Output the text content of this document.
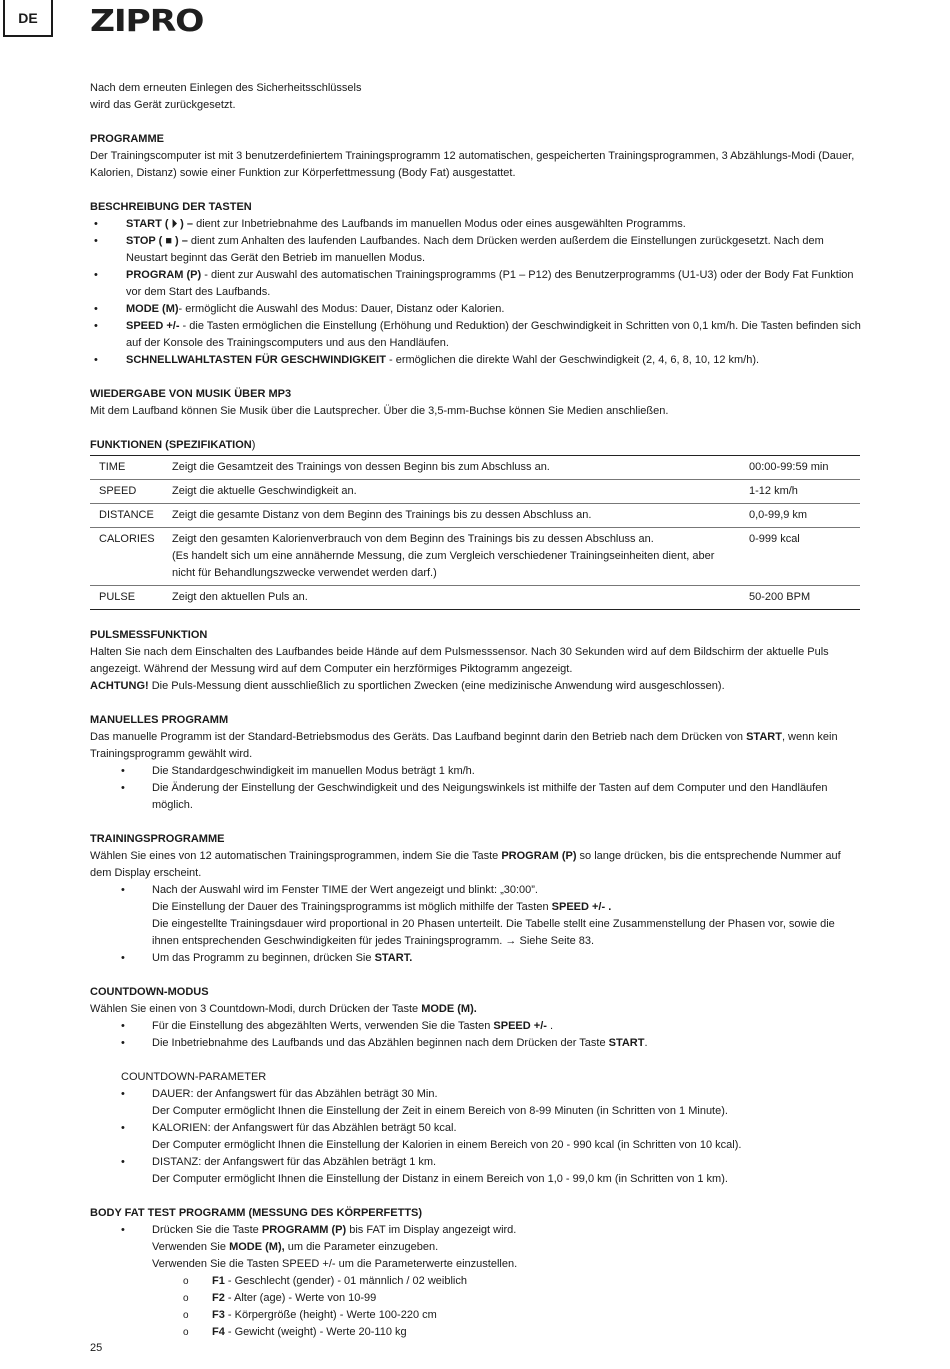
DE ZIPRO

Nach dem erneuten Einlegen des Sicherheitsschlüssels

wird das Gerät zurückgesetzt.

PROGRAMME

Der Trainingscomputer ist mit 3 benutzerdefiniertem Trainingsprogramm 12 automatischen, gespeicherten Trainingsprogrammen, 3 Abzählungs-Modi (Dauer, Kalorien, Distanz) sowie einer Funktion zur Körperfettmessung (Body Fat) ausgestattet.

BESCHREIBUNG DER TASTEN

• START ( ⏵ ) – dient zur Inbetriebnahme des Laufbands im manuellen Modus oder eines ausgewählten Programms.
• STOP ( ■ ) – dient zum Anhalten des laufenden Laufbandes. Nach dem Drücken werden außerdem die Einstellungen zurückgesetzt. Nach dem Neustart beginnt das Gerät den Betrieb im manuellen Modus.
• PROGRAM (P) - dient zur Auswahl des automatischen Trainingsprogramms (P1 – P12) des Benutzerprogramms (U1-U3) oder der Body Fat Funktion vor dem Start des Laufbands.
• MODE (M)- ermöglicht die Auswahl des Modus: Dauer, Distanz oder Kalorien.
• SPEED +/- - die Tasten ermöglichen die Einstellung (Erhöhung und Reduktion) der Geschwindigkeit in Schritten von 0,1 km/h. Die Tasten befinden sich auf der Konsole des Trainingscomputers und aus den Handläufen.
• SCHNELLWAHLTASTEN FÜR GESCHWINDIGKEIT - ermöglichen die direkte Wahl der Geschwindigkeit (2, 4, 6, 8, 10, 12 km/h).

WIEDERGABE VON MUSIK ÜBER MP3

Mit dem Laufband können Sie Musik über die Lautsprecher. Über die 3,5-mm-Buchse können Sie Medien anschließen.

FUNKTIONEN (SPEZIFIKATION)

TIME	Zeigt die Gesamtzeit des Trainings von dessen Beginn bis zum Abschluss an.	00:00-99:59 min
SPEED	Zeigt die aktuelle Geschwindigkeit an.	1-12 km/h
DISTANCE	Zeigt die gesamte Distanz von dem Beginn des Trainings bis zu dessen Abschluss an.	0,0-99,9 km
CALORIES	Zeigt den gesamten Kalorienverbrauch von dem Beginn des Trainings bis zu dessen Abschluss an.
(Es handelt sich um eine annähernde Messung, die zum Vergleich verschiedener Trainingseinheiten dient, aber nicht für Behandlungszwecke verwendet werden darf.)	0-999 kcal
PULSE	Zeigt den aktuellen Puls an.	50-200 BPM

PULSMESSFUNKTION

Halten Sie nach dem Einschalten des Laufbandes beide Hände auf dem Pulsmesssensor. Nach 30 Sekunden wird auf dem Bildschirm der aktuelle Puls angezeigt. Während der Messung wird auf dem Computer ein herzförmiges Piktogramm angezeigt.

ACHTUNG! Die Puls-Messung dient ausschließlich zu sportlichen Zwecken (eine medizinische Anwendung wird ausgeschlossen).

MANUELLES PROGRAMM

Das manuelle Programm ist der Standard-Betriebsmodus des Geräts. Das Laufband beginnt darin den Betrieb nach dem Drücken von START, wenn kein Trainingsprogramm gewählt wird.

• Die Standardgeschwindigkeit im manuellen Modus beträgt 1 km/h.
• Die Änderung der Einstellung der Geschwindigkeit und des Neigungswinkels ist mithilfe der Tasten auf dem Computer und den Handläufen möglich.

TRAININGSPROGRAMME

Wählen Sie eines von 12 automatischen Trainingsprogrammen, indem Sie die Taste PROGRAM (P) so lange drücken, bis die entsprechende Nummer auf dem Display erscheint.

• Nach der Auswahl wird im Fenster TIME der Wert angezeigt und blinkt: „30:00”.
Die Einstellung der Dauer des Trainingsprogramms ist möglich mithilfe der Tasten SPEED +/- .
Die eingestellte Trainingsdauer wird proportional in 20 Phasen unterteilt. Die Tabelle stellt eine Zusammenstellung der Phasen vor, sowie die ihnen entsprechenden Geschwindigkeiten für jedes Trainingsprogramm. → Siehe Seite 83.
• Um das Programm zu beginnen, drücken Sie START.

COUNTDOWN-MODUS

Wählen Sie einen von 3 Countdown-Modi, durch Drücken der Taste MODE (M).

• Für die Einstellung des abgezählten Werts, verwenden Sie die Tasten SPEED +/- .
• Die Inbetriebnahme des Laufbands und das Abzählen beginnen nach dem Drücken der Taste START.

COUNTDOWN-PARAMETER

• DAUER: der Anfangswert für das Abzählen beträgt 30 Min.
Der Computer ermöglicht Ihnen die Einstellung der Zeit in einem Bereich von 8-99 Minuten (in Schritten von 1 Minute).
• KALORIEN: der Anfangswert für das Abzählen beträgt 50 kcal.
Der Computer ermöglicht Ihnen die Einstellung der Kalorien in einem Bereich von 20 - 990 kcal (in Schritten von 10 kcal).
• DISTANZ: der Anfangswert für das Abzählen beträgt 1 km.
Der Computer ermöglicht Ihnen die Einstellung der Distanz in einem Bereich von 1,0 - 99,0 km (in Schritten von 1 km).

BODY FAT TEST PROGRAMM (MESSUNG DES KÖRPERFETTS)

• Drücken Sie die Taste PROGRAMM (P) bis FAT im Display angezeigt wird.
Verwenden Sie MODE (M), um die Parameter einzugeben.
Verwenden Sie die Tasten SPEED +/- um die Parameterwerte einzustellen.
o F1 - Geschlecht (gender) - 01 männlich / 02 weiblich
o F2 - Alter (age) - Werte von 10-99
o F3 - Körpergröße (height) - Werte 100-220 cm
o F4 - Gewicht (weight) - Werte 20-110 kg
25
